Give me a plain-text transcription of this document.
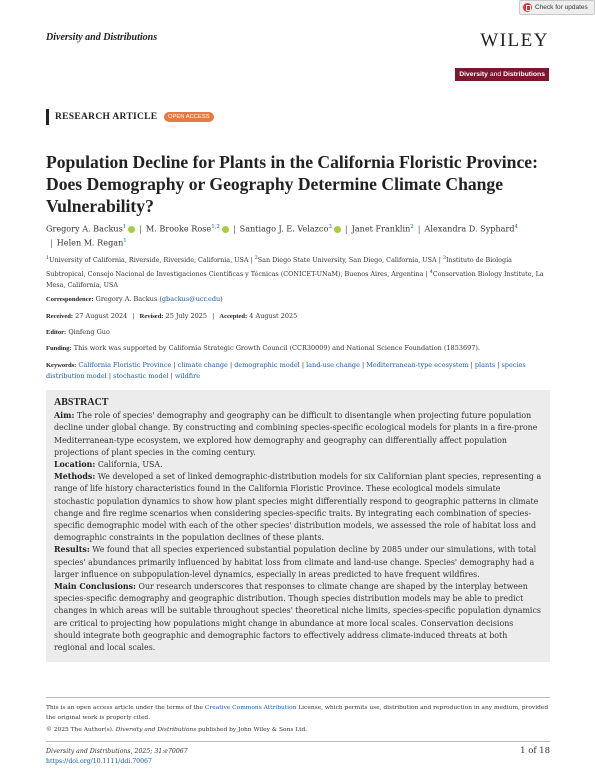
Check for updates
Diversity and Distributions	WILEY
Diversity and Distributions
RESEARCH ARTICLE	OPEN ACCESS
Population Decline for Plants in the California Floristic Province: Does Demography or Geography Determine Climate Change Vulnerability?
Gregory A. Backus$^1$ | M. Brooke Rose$^{1,2}$ | Santiago J. E. Velazco$^3$ | Janet Franklin$^2$ | Alexandra D. Syphard$^4$
| Helen M. Regan$^1$
$^1$University of California, Riverside, Riverside, California, USA | $^2$San Diego State University, San Diego, California, USA | $^3$Instituto de Biología Subtropical, Consejo Nacional de Investigaciones Científicas y Técnicas (CONICET-UNaM), Buenos Aires, Argentina | $^4$Conservation Biology Institute, La Mesa, California, USA
Correspondence: Gregory A. Backus (gbackus@ucr.edu)
Received: 27 August 2024 | Revised: 25 July 2025 | Accepted: 4 August 2025
Editor: Qinfeng Guo
Funding: This work was supported by California Strategic Growth Council (CCR30009) and National Science Foundation (1853697).
Keywords: California Floristic Province | climate change | demographic model | land-use change | Mediterranean-type ecosystem | plants | species distribution model | stochastic model | wildfire
ABSTRACT

Aim: The role of species' demography and geography can be difficult to disentangle when projecting future population decline under global change. By constructing and combining species-specific ecological models for plants in a fire-prone Mediterranean-type ecosystem, we explored how demography and geography can differentially affect population projections of plant species in the coming century.

Location: California, USA.

Methods: We developed a set of linked demographic-distribution models for six Californian plant species, representing a range of life history characteristics found in the California Floristic Province. These ecological models simulate stochastic population dynamics to show how plant species might differentially respond to geographic patterns in climate change and fire regime scenarios when considering species-specific traits. By integrating each combination of species-specific demographic model with each of the other species' distribution models, we assessed the role of habitat loss and demographic constraints in the population declines of these plants.

Results: We found that all species experienced substantial population decline by 2085 under our simulations, with total species' abundances primarily influenced by habitat loss from climate and land-use change. Species' demography had a larger influence on subpopulation-level dynamics, especially in areas predicted to have frequent wildfires.

Main Conclusions: Our research underscores that responses to climate change are shaped by the interplay between species-specific demography and geographic distribution. Though species distribution models may be able to predict changes in which areas will be suitable throughout species' theoretical niche limits, species-specific population dynamics are critical to projecting how populations might change in abundance at more local scales. Conservation decisions should integrate both geographic and demographic factors to effectively address climate-induced threats at both regional and local scales.

This is an open access article under the terms of the Creative Commons Attribution License, which permits use, distribution and reproduction in any medium, provided the original work is properly cited.
© 2025 The Author(s). Diversity and Distributions published by John Wiley & Sons Ltd.
Diversity and Distributions, 2025; 31:e70067
https://doi.org/10.1111/ddi.70067
1 of 18
